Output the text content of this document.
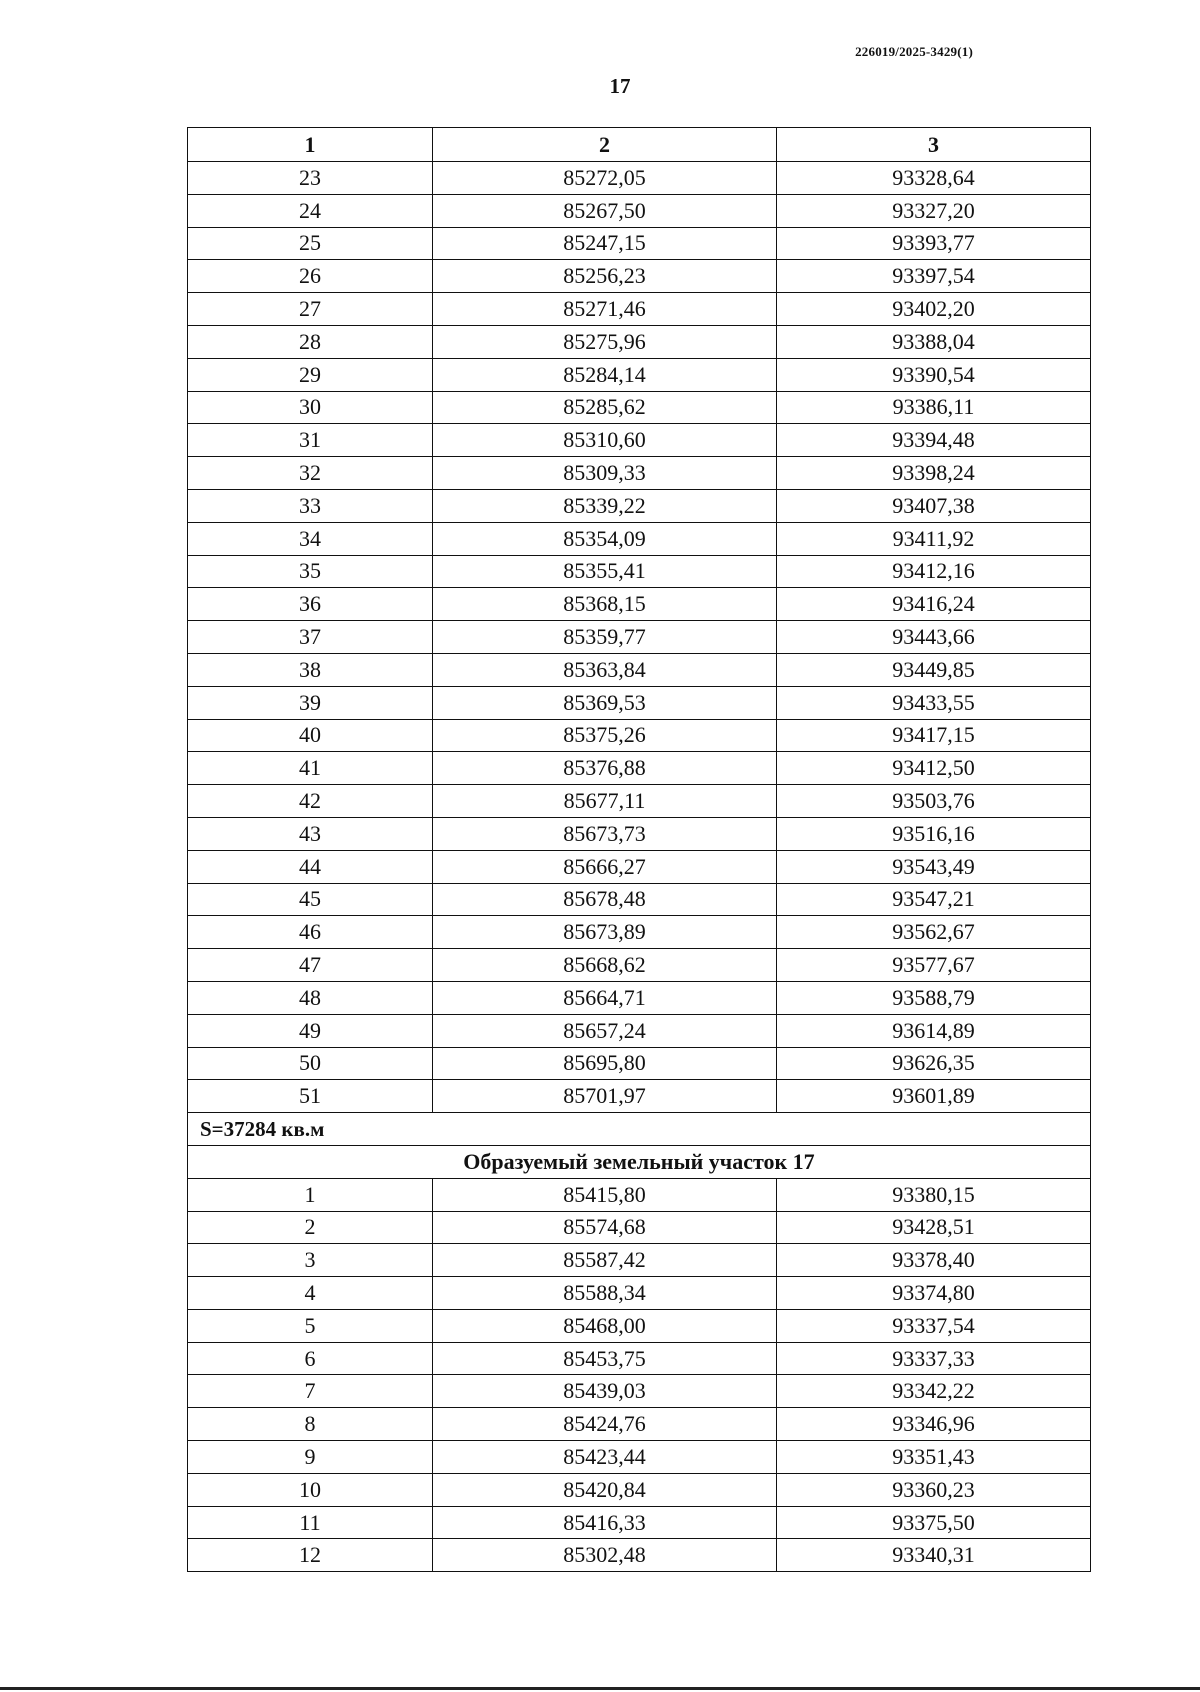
226019/2025-3429(1)
17
1	2	3
23	85272,05	93328,64
24	85267,50	93327,20
25	85247,15	93393,77
26	85256,23	93397,54
27	85271,46	93402,20
28	85275,96	93388,04
29	85284,14	93390,54
30	85285,62	93386,11
31	85310,60	93394,48
32	85309,33	93398,24
33	85339,22	93407,38
34	85354,09	93411,92
35	85355,41	93412,16
36	85368,15	93416,24
37	85359,77	93443,66
38	85363,84	93449,85
39	85369,53	93433,55
40	85375,26	93417,15
41	85376,88	93412,50
42	85677,11	93503,76
43	85673,73	93516,16
44	85666,27	93543,49
45	85678,48	93547,21
46	85673,89	93562,67
47	85668,62	93577,67
48	85664,71	93588,79
49	85657,24	93614,89
50	85695,80	93626,35
51	85701,97	93601,89
S=37284 кв.м		
Образуемый земельный участок 17		
1	85415,80	93380,15
2	85574,68	93428,51
3	85587,42	93378,40
4	85588,34	93374,80
5	85468,00	93337,54
6	85453,75	93337,33
7	85439,03	93342,22
8	85424,76	93346,96
9	85423,44	93351,43
10	85420,84	93360,23
11	85416,33	93375,50
12	85302,48	93340,31
